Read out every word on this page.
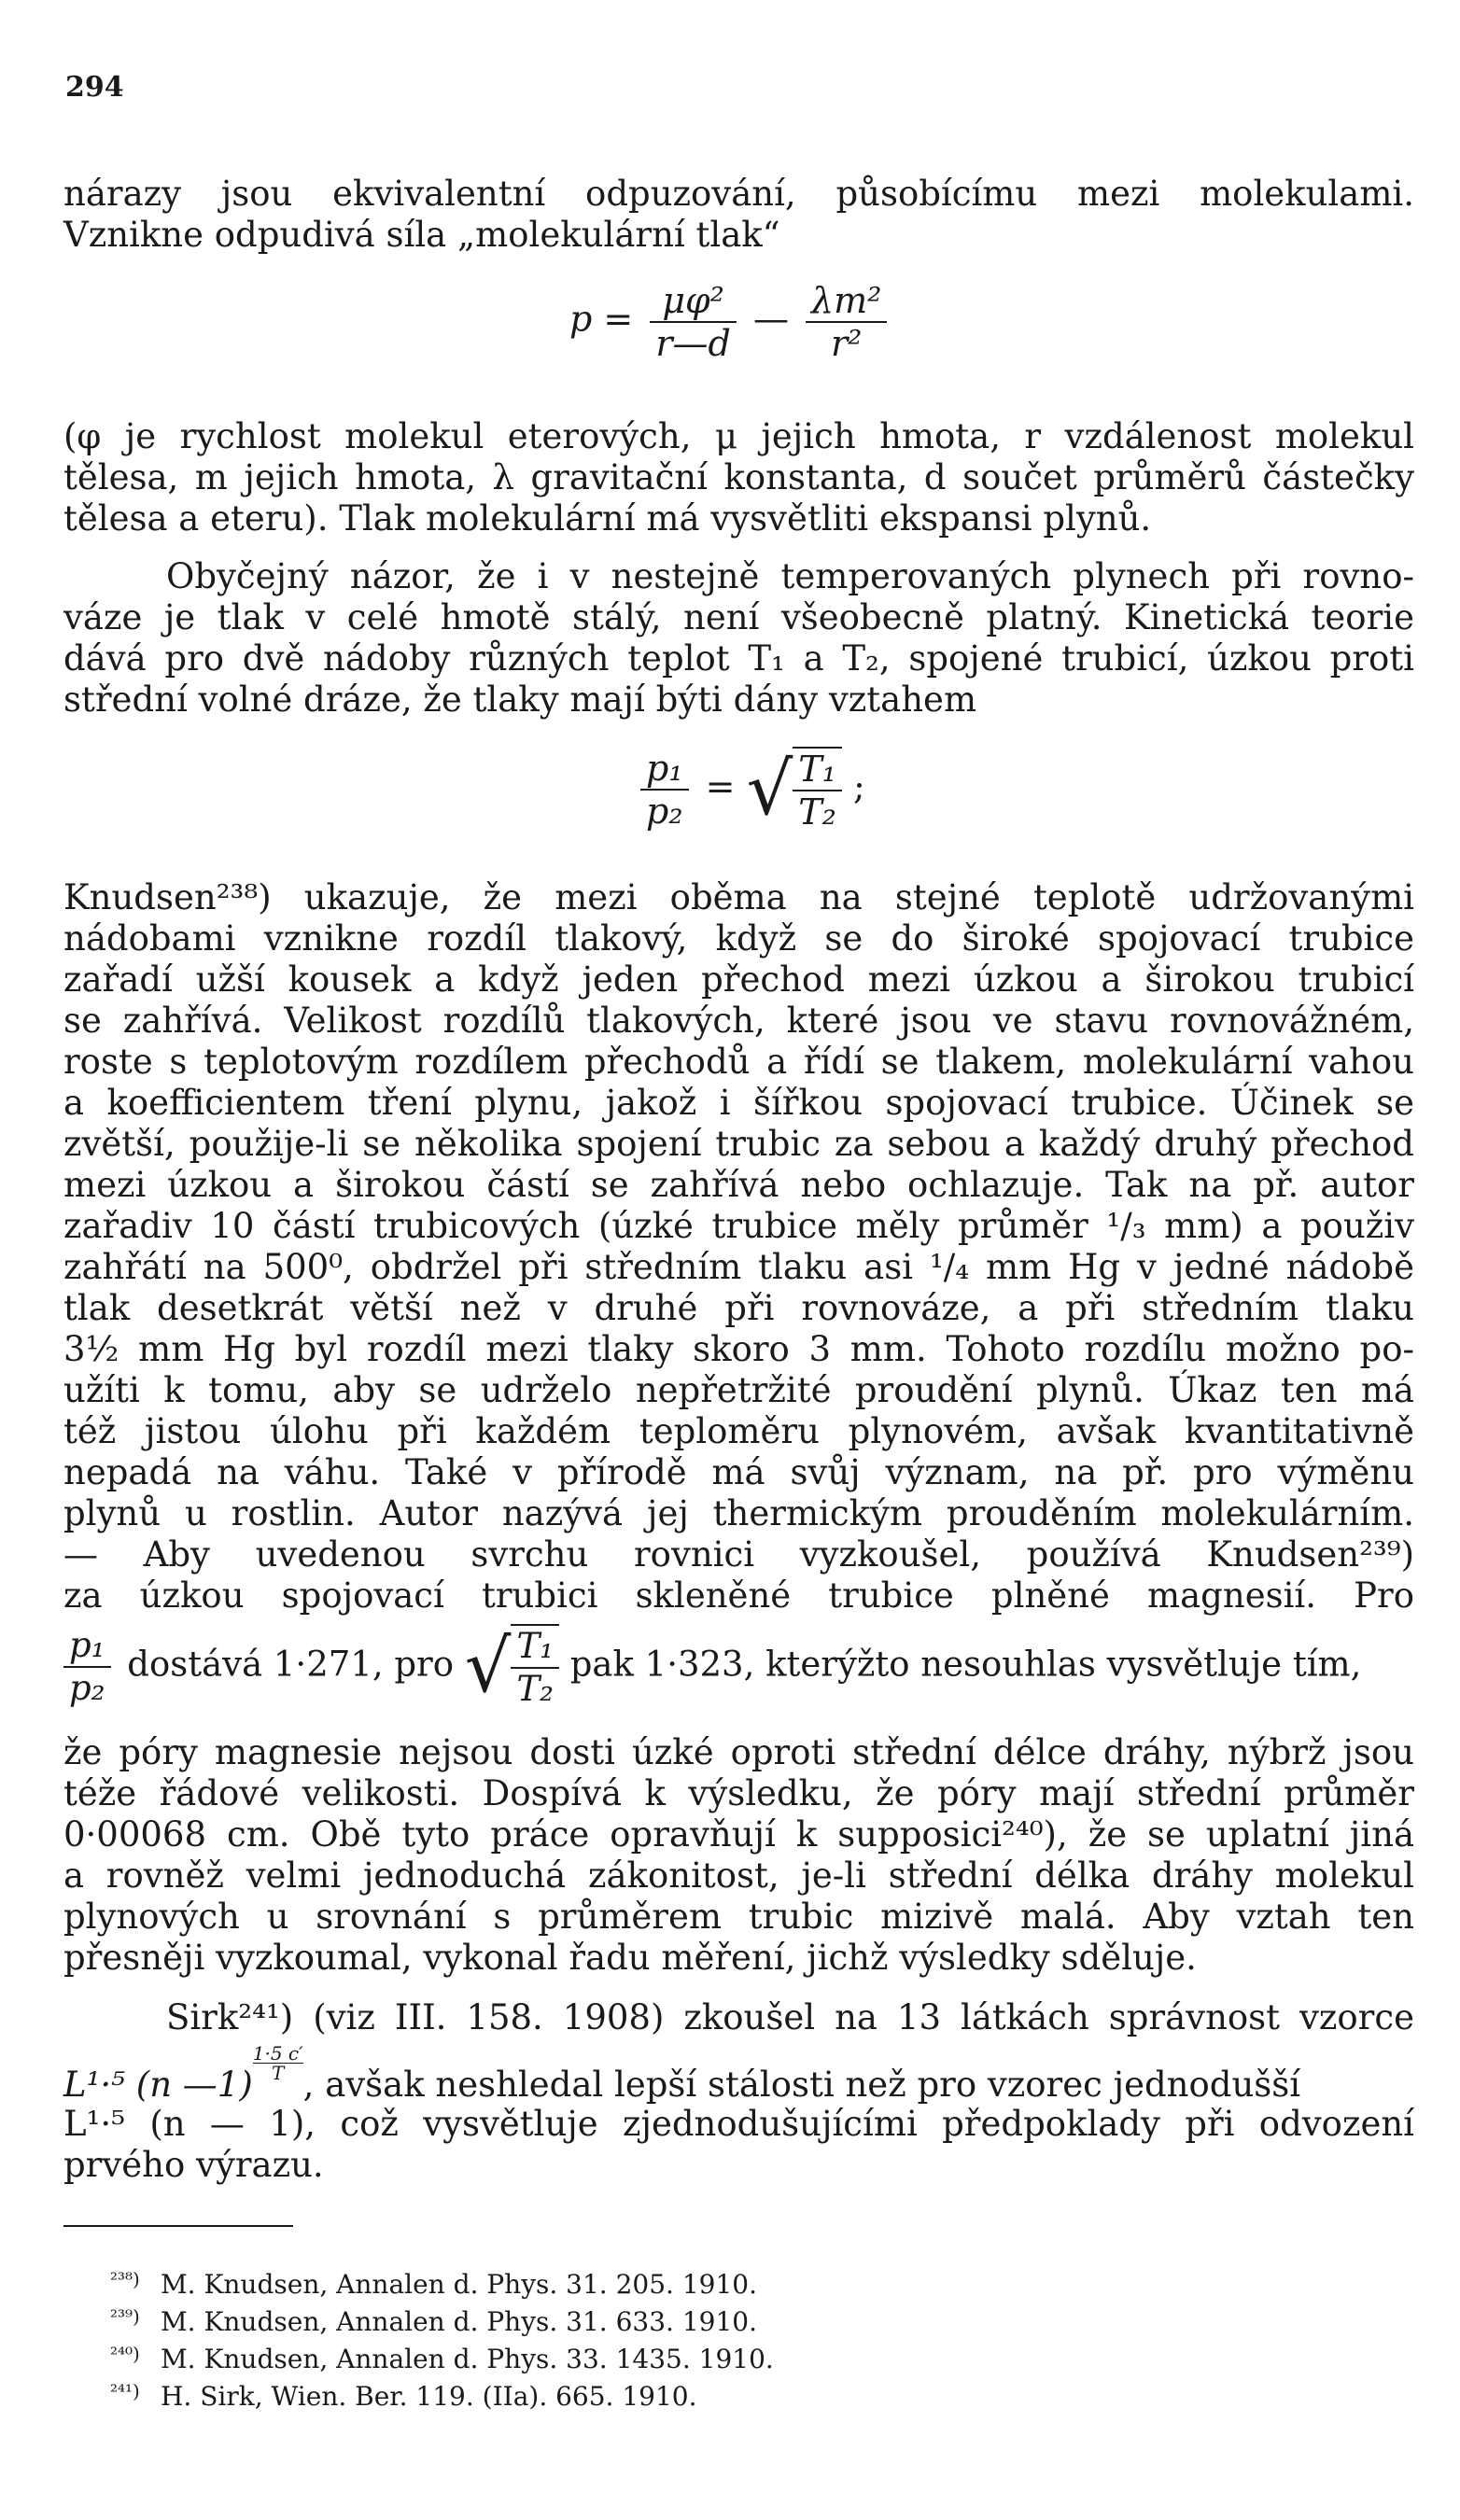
294
nárazy jsou ekvivalentní odpuzování, působícímu mezi molekulami.
Vznikne odpudivá síla „molekulární tlak“
$p = \frac{\text{μφ²}}{r—d}$ — $\frac{\text{λm²}}{\text{r²}}$
(φ je rychlost molekul eterových, μ jejich hmota, r vzdálenost molekul
tělesa, m jejich hmota, λ gravitační konstanta, d součet průměrů částečky
tělesa a eteru). Tlak molekulární má vysvětliti ekspansi plynů.
Obyčejný názor, že i v nestejně temperovaných plynech při rovno-
váze je tlak v celé hmotě stálý, není všeobecně platný. Kinetická teorie
dává pro dvě nádoby různých teplot T₁ a T₂, spojené trubicí, úzkou proti
střední volné dráze, že tlaky mají býti dány vztahem
$\frac{\text{p₁}}{\text{p₂}}$ = √ $\frac{\text{T₁}}{\text{T₂}}$ ;
Knudsen²³⁸) ukazuje, že mezi oběma na stejné teplotě udržovanými
nádobami vznikne rozdíl tlakový, když se do široké spojovací trubice
zařadí užší kousek a když jeden přechod mezi úzkou a širokou trubicí
se zahřívá. Velikost rozdílů tlakových, které jsou ve stavu rovnovážném,
roste s teplotovým rozdílem přechodů a řídí se tlakem, molekulární vahou
a koefficientem tření plynu, jakož i šířkou spojovací trubice. Účinek se
zvětší, použije-li se několika spojení trubic za sebou a každý druhý přechod
mezi úzkou a širokou částí se zahřívá nebo ochlazuje. Tak na př. autor
zařadiv 10 částí trubicových (úzké trubice měly průměr ¹/₃ mm) a použiv
zahřátí na 500⁰, obdržel při středním tlaku asi ¹/₄ mm Hg v jedné nádobě
tlak desetkrát větší než v druhé při rovnováze, a při středním tlaku
3½ mm Hg byl rozdíl mezi tlaky skoro 3 mm. Tohoto rozdílu možno po-
užíti k tomu, aby se udrželo nepřetržité proudění plynů. Úkaz ten má
též jistou úlohu při každém teploměru plynovém, avšak kvantitativně
nepadá na váhu. Také v přírodě má svůj význam, na př. pro výměnu
plynů u rostlin. Autor nazývá jej thermickým prouděním molekulárním.
— Aby uvedenou svrchu rovnici vyzkoušel, používá Knudsen²³⁹)
za úzkou spojovací trubici skleněné trubice plněné magnesií. Pro
$\frac{\text{p₁}}{\text{p₂}}$ dostává 1·271, pro √ $\frac{\text{T₁}}{\text{T₂}}$ pak 1·323, kterýžto nesouhlas vysvětluje tím,
že póry magnesie nejsou dosti úzké oproti střední délce dráhy, nýbrž jsou
téže řádové velikosti. Dospívá k výsledku, že póry mají střední průměr
0·00068 cm. Obě tyto práce opravňují k supposici²⁴⁰), že se uplatní jiná
a rovněž velmi jednoduchá zákonitost, je-li střední délka dráhy molekul
plynových u srovnání s průměrem trubic mizivě malá. Aby vztah ten
přesněji vyzkoumal, vykonal řadu měření, jichž výsledky sděluje.
Sirk²⁴¹) (viz III. 158. 1908) zkoušel na 13 látkách správnost vzorce
L¹·⁵ (n —1)
$\frac{1\cdot 5 c'}{T}$
, avšak neshledal lepší stálosti než pro vzorec jednodušší
L¹·⁵ (n — 1), což vysvětluje zjednodušujícími předpoklady při odvození
prvého výrazu.
²³⁸) M. Knudsen, Annalen d. Phys. 31. 205. 1910.
²³⁹) M. Knudsen, Annalen d. Phys. 31. 633. 1910.
²⁴⁰) M. Knudsen, Annalen d. Phys. 33. 1435. 1910.
²⁴¹) H. Sirk, Wien. Ber. 119. (IIa). 665. 1910.
